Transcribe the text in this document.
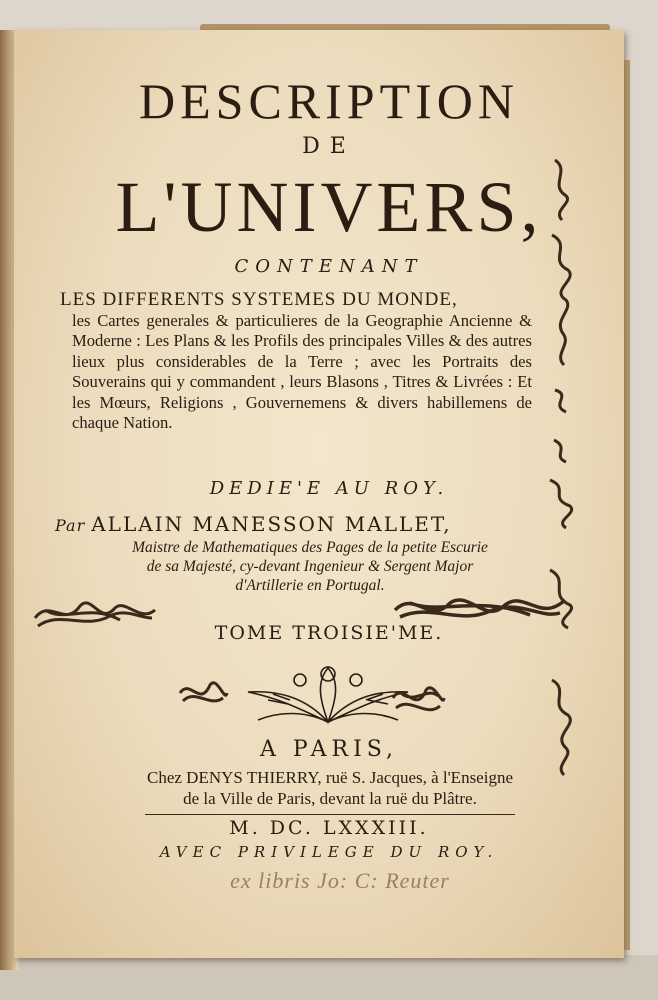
DESCRIPTION
DE
L'UNIVERS,
CONTENANT
LES DIFFERENTS SYSTEMES DU MONDE,
les Cartes generales & particulieres de la Geographie Ancienne & Moderne : Les Plans & les Profils des principales Villes & des autres lieux plus considerables de la Terre ; avec les Portraits des Souverains qui y commandent , leurs Blasons , Titres & Livrées : Et les Mœurs, Religions , Gouvernemens & divers habillemens de chaque Nation.
DEDIE'E AU ROY.
Par ALLAIN MANESSON MALLET,
Maistre de Mathematiques des Pages de la petite Escurie
de sa Majesté, cy-devant Ingenieur & Sergent Major
d'Artillerie en Portugal.
TOME TROISIE'ME.
A PARIS,
Chez DENYS THIERRY, ruë S. Jacques, à l'Enseigne
de la Ville de Paris, devant la ruë du Plâtre.
M. DC. LXXXIII.
AVEC PRIVILEGE DU ROY.
ex libris Jo: C: Reuter
